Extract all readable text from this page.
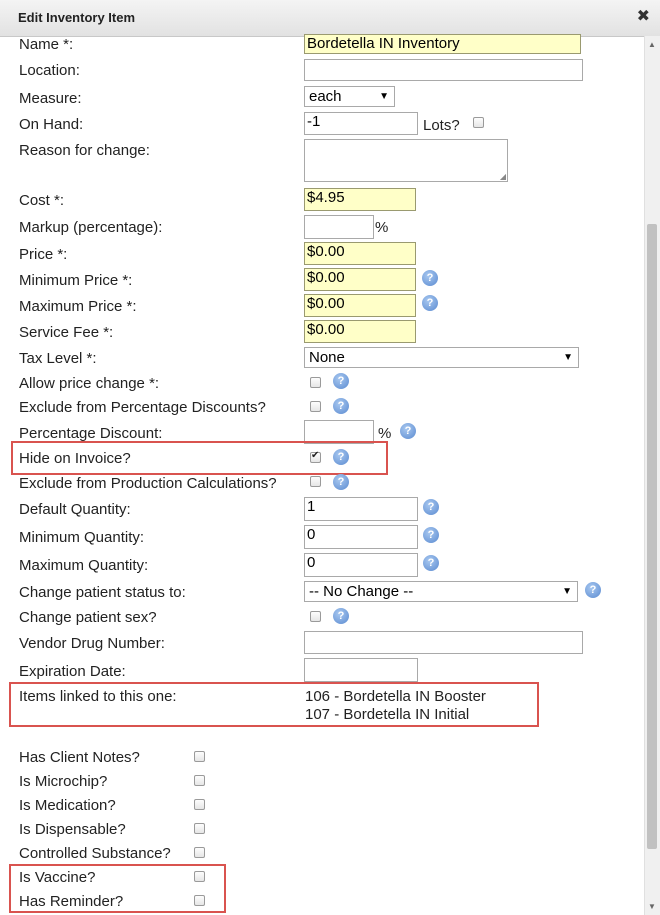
Edit Inventory Item	✖
Name *:	Bordetella IN Inventory
Location:
Measure:	each	▼
On Hand:	-1	Lots?
Reason for change:
◢
Cost *:	$4.95
Markup (percentage):	%
Price *:	$0.00
Minimum Price *:	$0.00	?
Maximum Price *:	$0.00	?
Service Fee *:	$0.00
Tax Level *:	None	▼
Allow price change *:	?
Exclude from Percentage Discounts?	?
Percentage Discount:	%	?
Hide on Invoice?
✔	?
Exclude from Production Calculations?	?
Default Quantity:	1	?
Minimum Quantity:	0	?
Maximum Quantity:	0	?
Change patient status to:	-- No Change --	▼	?
Change patient sex?	?
Vendor Drug Number:
Expiration Date:
Items linked to this one:	106 - Bordetella IN Booster
107 - Bordetella IN Initial
Has Client Notes?
Is Microchip?
Is Medication?
Is Dispensable?
Controlled Substance?
Is Vaccine?
Has Reminder?
▲
▼
